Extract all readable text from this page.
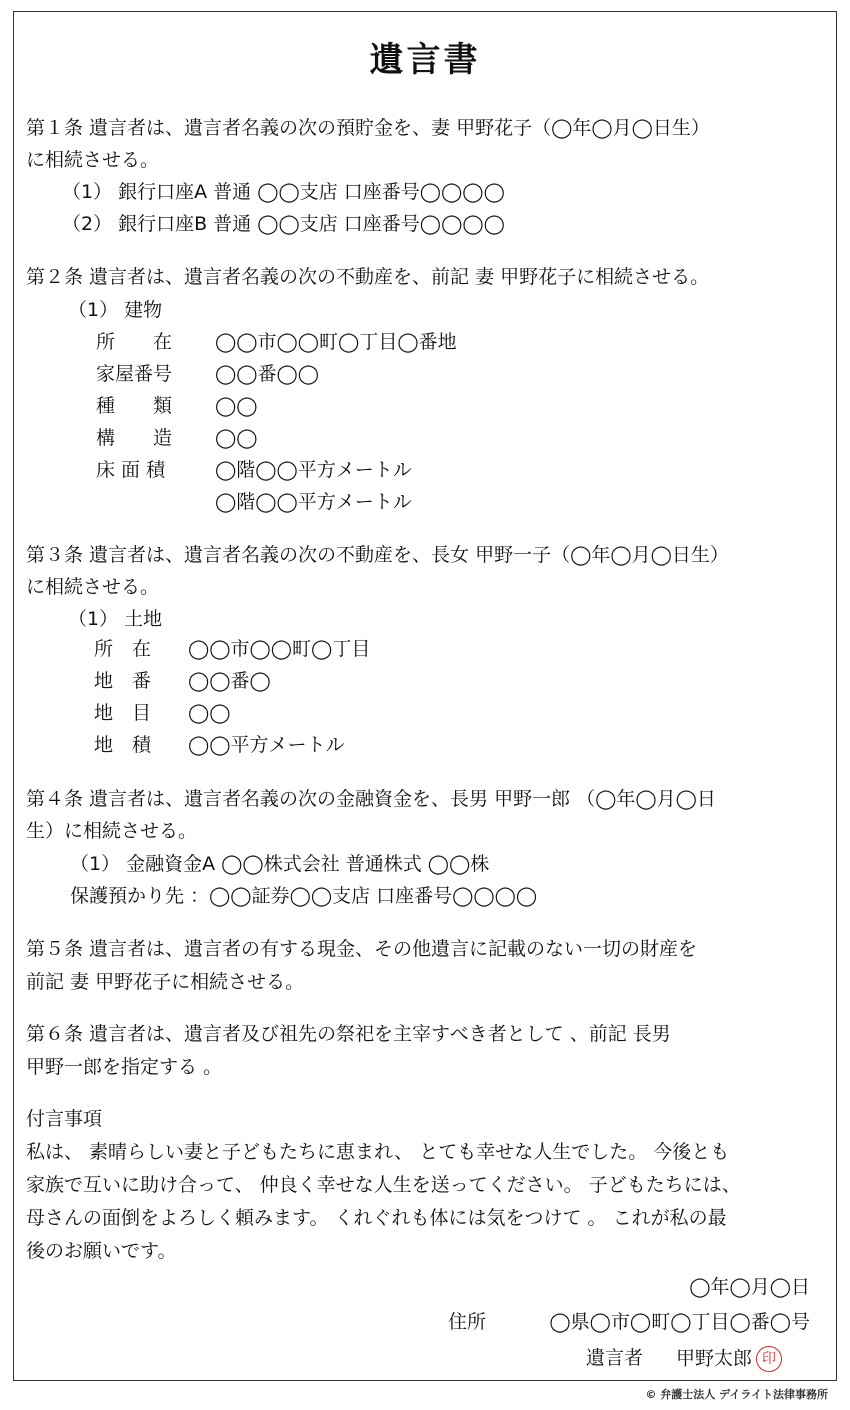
遺言書
第１条 遺言者は、遺言者名義の次の預貯金を、妻 甲野花子（◯年◯月◯日生）
に相続させる。
（1） 銀行口座A 普通 ◯◯支店 口座番号◯◯◯◯
（2） 銀行口座B 普通 ◯◯支店 口座番号◯◯◯◯
第２条 遺言者は、遺言者名義の次の不動産を、前記 妻 甲野花子に相続させる。
（1） 建物
所　　在 ◯◯市◯◯町◯丁目◯番地
家屋番号 ◯◯番◯◯
種　　類 ◯◯
構　　造 ◯◯
床 面 積	◯階◯◯平方メートル
◯階◯◯平方メートル
第３条 遺言者は、遺言者名義の次の不動産を、長女 甲野一子（◯年◯月◯日生）
に相続させる。
（1） 土地
所　在 ◯◯市◯◯町◯丁目
地　番 ◯◯番◯
地　目 ◯◯
地　積 ◯◯平方メートル
第４条 遺言者は、遺言者名義の次の金融資金を、長男 甲野一郎 （◯年◯月◯日
生）に相続させる。
（1） 金融資金A ◯◯株式会社 普通株式 ◯◯株
保護預かり先 ：◯◯証券◯◯支店 口座番号◯◯◯◯
第５条 遺言者は、遺言者の有する現金、その他遺言に記載のない一切の財産を
前記 妻 甲野花子に相続させる。
第６条 遺言者は、遺言者及び祖先の祭祀を主宰すべき者として 、前記 長男
甲野一郎を指定する 。
付言事項
私は、 素晴らしい妻と子どもたちに恵まれ、 とても幸せな人生でした。 今後とも
家族で互いに助け合って、 仲良く幸せな人生を送ってください。 子どもたちには、
母さんの面倒をよろしく頼みます。 くれぐれも体には気をつけて 。 これが私の最
後のお願いです。
◯年◯月◯日
住所	◯県◯市◯町◯丁目◯番◯号
遺言者 甲野太郎 印
© 弁護士法人 デイライト法律事務所
